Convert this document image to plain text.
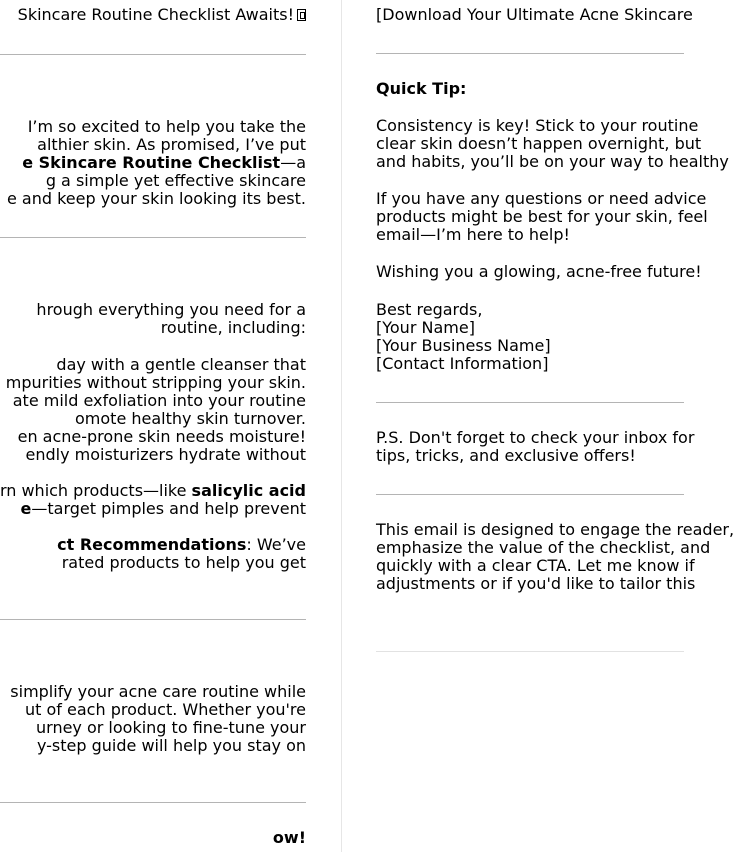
Skincare Routine Checklist Awaits!
I’m so excited to help you take the
althier skin. As promised, I’ve put
e Skincare Routine Checklist—a
g a simple yet effective skincare
e and keep your skin looking its best.
hrough everything you need for a
routine, including:
day with a gentle cleanser that
mpurities without stripping your skin.
ate mild exfoliation into your routine
omote healthy skin turnover.
en acne-prone skin needs moisture!
endly moisturizers hydrate without
rn which products—like salicylic acid
e—target pimples and help prevent
ct Recommendations: We’ve
rated products to help you get
simplify your acne care routine while
ut of each product. Whether you're
urney or looking to fine-tune your
y-step guide will help you stay on
ow!
[Download Your Ultimate Acne Skincare
Quick Tip:
Consistency is key! Stick to your routine
clear skin doesn’t happen overnight, but
and habits, you’ll be on your way to healthy
If you have any questions or need advice
products might be best for your skin, feel
email—I’m here to help!
Wishing you a glowing, acne-free future!
Best regards,
[Your Name]
[Your Business Name]
[Contact Information]
P.S. Don't forget to check your inbox for
tips, tricks, and exclusive offers!
This email is designed to engage the reader,
emphasize the value of the checklist, and
quickly with a clear CTA. Let me know if
adjustments or if you'd like to tailor this
